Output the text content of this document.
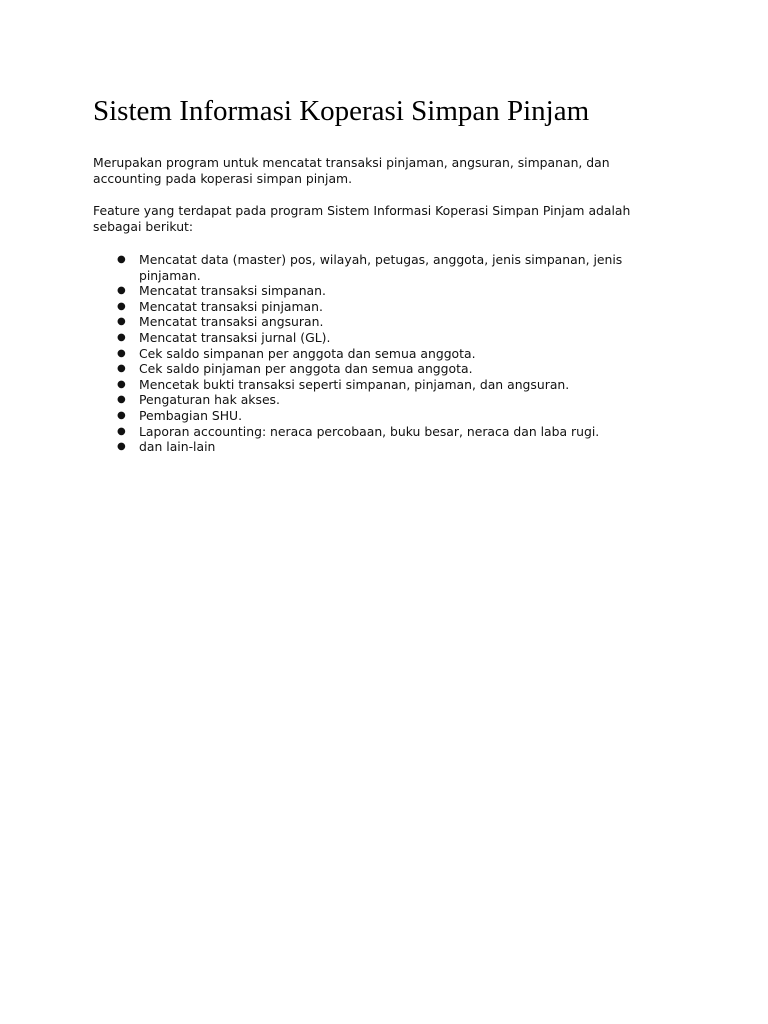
Sistem Informasi Koperasi Simpan Pinjam

Merupakan program untuk mencatat transaksi pinjaman, angsuran, simpanan, dan accounting pada koperasi simpan pinjam.

Feature yang terdapat pada program Sistem Informasi Koperasi Simpan Pinjam adalah sebagai berikut:

● Mencatat data (master) pos, wilayah, petugas, anggota, jenis simpanan, jenis pinjaman.
● Mencatat transaksi simpanan.
● Mencatat transaksi pinjaman.
● Mencatat transaksi angsuran.
● Mencatat transaksi jurnal (GL).
● Cek saldo simpanan per anggota dan semua anggota.
● Cek saldo pinjaman per anggota dan semua anggota.
● Mencetak bukti transaksi seperti simpanan, pinjaman, dan angsuran.
● Pengaturan hak akses.
● Pembagian SHU.
● Laporan accounting: neraca percobaan, buku besar, neraca dan laba rugi.
● dan lain-lain
